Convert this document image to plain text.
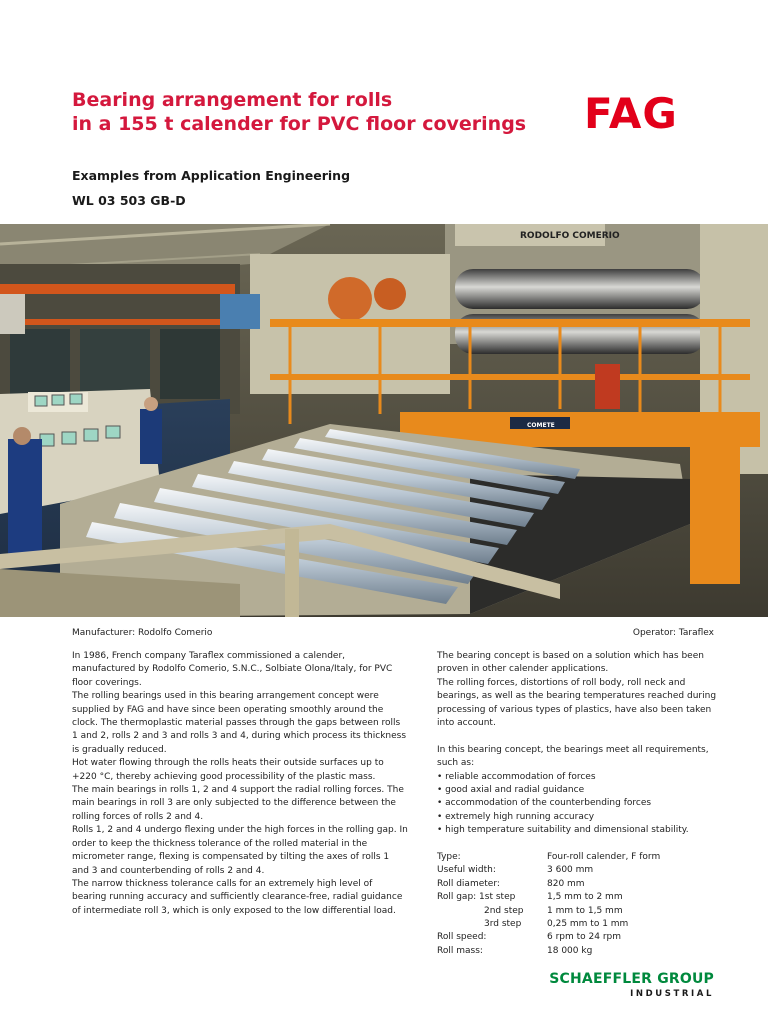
Bearing arrangement for rolls
in a 155 t calender for PVC floor coverings	FAG
Examples from Application Engineering
WL 03 503 GB-D
RODOLFO COMERIO
COMETE
Manufacturer: Rodolfo Comerio	Operator: Taraflex

In 1986, French company Taraflex commissioned a calender, manufactured by Rodolfo Comerio, S.N.C., Solbiate Olona/Italy, for PVC floor coverings.

The rolling bearings used in this bearing arrangement concept were supplied by FAG and have since been operating smoothly around the clock. The thermoplastic material passes through the gaps between rolls 1 and 2, rolls 2 and 3 and rolls 3 and 4, during which process its thickness is gradually reduced.

Hot water flowing through the rolls heats their outside surfaces up to +220 °C, thereby achieving good processibility of the plastic mass.

The main bearings in rolls 1, 2 and 4 support the radial rolling forces. The main bearings in roll 3 are only subjected to the difference between the rolling forces of rolls 2 and 4.

Rolls 1, 2 and 4 undergo flexing under the high forces in the rolling gap. In order to keep the thickness tolerance of the rolled material in the micrometer range, flexing is compensated by tilting the axes of rolls 1 and 3 and counterbending of rolls 2 and 4.

The narrow thickness tolerance calls for an extremely high level of bearing running accuracy and sufficiently clearance-free, radial guidance of intermediate roll 3, which is only exposed to the low differential load.

The bearing concept is based on a solution which has been proven in other calender applications.

The rolling forces, distortions of roll body, roll neck and bearings, as well as the bearing temperatures reached during processing of various types of plastics, have also been taken into account.

In this bearing concept, the bearings meet all requirements, such as:

• reliable accommodation of forces

• good axial and radial guidance

• accommodation of the counterbending forces

• extremely high running accuracy

• high temperature suitability and dimensional stability.

Type:	Four-roll calender, F form
Useful width:	3 600 mm
Roll diameter:	820 mm
Roll gap: 1st step	1,5 mm to 2 mm
2nd step	1 mm to 1,5 mm
3rd step	0,25 mm to 1 mm
Roll speed:	6 rpm to 24 rpm
Roll mass:	18 000 kg
SCHAEFFLER GROUP
INDUSTRIAL
